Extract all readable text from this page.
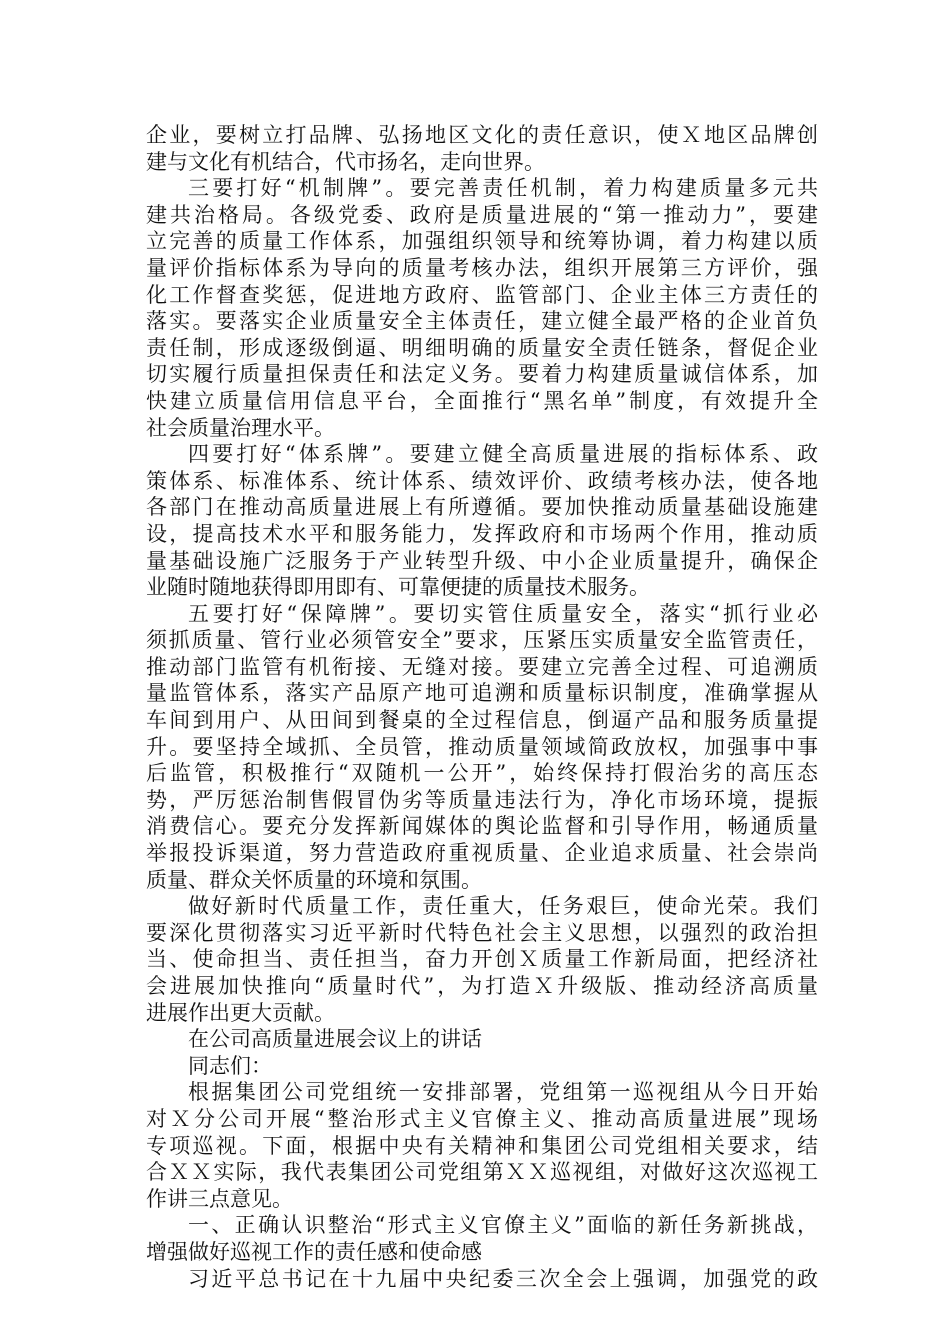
企业，要树立打品牌、弘扬地区文化的责任意识，使Ｘ地区品牌创
建与文化有机结合，代市扬名，走向世界。
三要打好“机制牌”。要完善责任机制，着力构建质量多元共
建共治格局。各级党委、政府是质量进展的“第一推动力”，要建
立完善的质量工作体系，加强组织领导和统筹协调，着力构建以质
量评价指标体系为导向的质量考核办法，组织开展第三方评价，强
化工作督查奖惩，促进地方政府、监管部门、企业主体三方责任的
落实。要落实企业质量安全主体责任，建立健全最严格的企业首负
责任制，形成逐级倒逼、明细明确的质量安全责任链条，督促企业
切实履行质量担保责任和法定义务。要着力构建质量诚信体系，加
快建立质量信用信息平台，全面推行“黑名单”制度，有效提升全
社会质量治理水平。
四要打好“体系牌”。要建立健全高质量进展的指标体系、政
策体系、标准体系、统计体系、绩效评价、政绩考核办法，使各地
各部门在推动高质量进展上有所遵循。要加快推动质量基础设施建
设，提高技术水平和服务能力，发挥政府和市场两个作用，推动质
量基础设施广泛服务于产业转型升级、中小企业质量提升，确保企
业随时随地获得即用即有、可靠便捷的质量技术服务。
五要打好“保障牌”。要切实管住质量安全，落实“抓行业必
须抓质量、管行业必须管安全”要求，压紧压实质量安全监管责任，
推动部门监管有机衔接、无缝对接。要建立完善全过程、可追溯质
量监管体系，落实产品原产地可追溯和质量标识制度，准确掌握从
车间到用户、从田间到餐桌的全过程信息，倒逼产品和服务质量提
升。要坚持全域抓、全员管，推动质量领域简政放权，加强事中事
后监管，积极推行“双随机一公开”，始终保持打假治劣的高压态
势，严厉惩治制售假冒伪劣等质量违法行为，净化市场环境，提振
消费信心。要充分发挥新闻媒体的舆论监督和引导作用，畅通质量
举报投诉渠道，努力营造政府重视质量、企业追求质量、社会崇尚
质量、群众关怀质量的环境和氛围。
做好新时代质量工作，责任重大，任务艰巨，使命光荣。我们
要深化贯彻落实习近平新时代特色社会主义思想，以强烈的政治担
当、使命担当、责任担当，奋力开创Ｘ质量工作新局面，把经济社
会进展加快推向“质量时代”，为打造Ｘ升级版、推动经济高质量
进展作出更大贡献。
在公司高质量进展会议上的讲话
同志们：
根据集团公司党组统一安排部署，党组第一巡视组从今日开始
对Ｘ分公司开展“整治形式主义官僚主义、推动高质量进展”现场
专项巡视。下面，根据中央有关精神和集团公司党组相关要求，结
合ＸＸ实际，我代表集团公司党组第ＸＸ巡视组，对做好这次巡视工
作讲三点意见。
一、正确认识整治“形式主义官僚主义”面临的新任务新挑战，
增强做好巡视工作的责任感和使命感
习近平总书记在十九届中央纪委三次全会上强调，加强党的政
